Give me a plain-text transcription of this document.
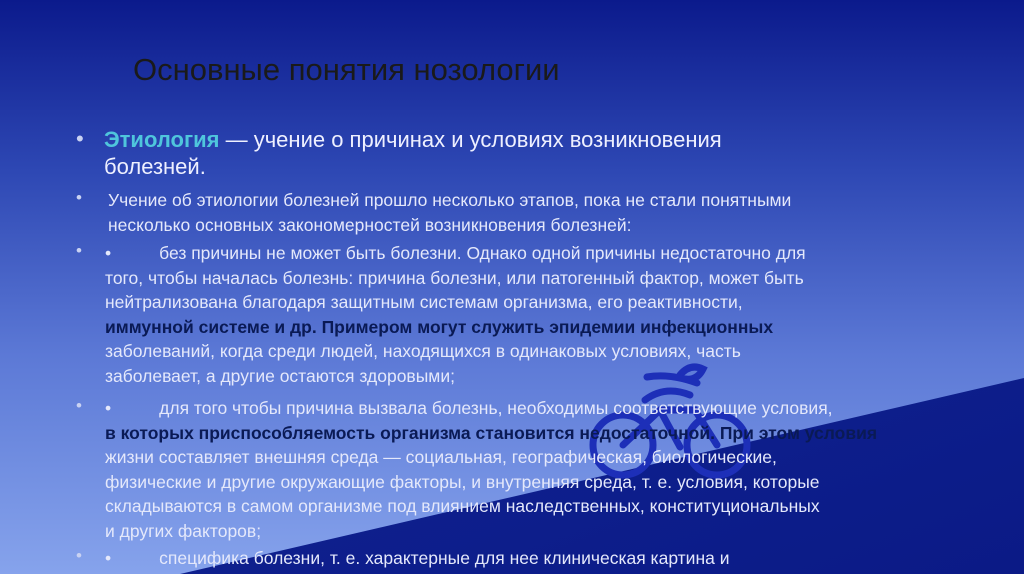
Основные понятия нозологии
• Этиология — учение о причинах и условиях возникновения
болезней.
• Учение об этиологии болезней прошло несколько этапов, пока не стали понятными
несколько основных закономерностей возникновения болезней:
• •	без причины не может быть болезни. Однако одной причины недостаточно для
того, чтобы началась болезнь: причина болезни, или патогенный фактор, может быть
нейтрализована благодаря защитным системам организма, его реактивности,
иммунной системе и др. Примером могут служить эпидемии инфекционных
заболеваний, когда среди людей, находящихся в одинаковых условиях, часть
заболевает, а другие остаются здоровыми;
• •	для того чтобы причина вызвала болезнь, необходимы соответствующие условия,
в которых приспособляемость организма становится недостаточной. При этом условия
жизни составляет внешняя среда — социальная, географическая, биологические,
физические и другие окружающие факторы, и внутренняя среда, т. е. условия, которые
складываются в самом организме под влиянием наследственных, конституциональных
и других факторов;
• •	специфика болезни, т. е. характерные для нее клиническая картина и
